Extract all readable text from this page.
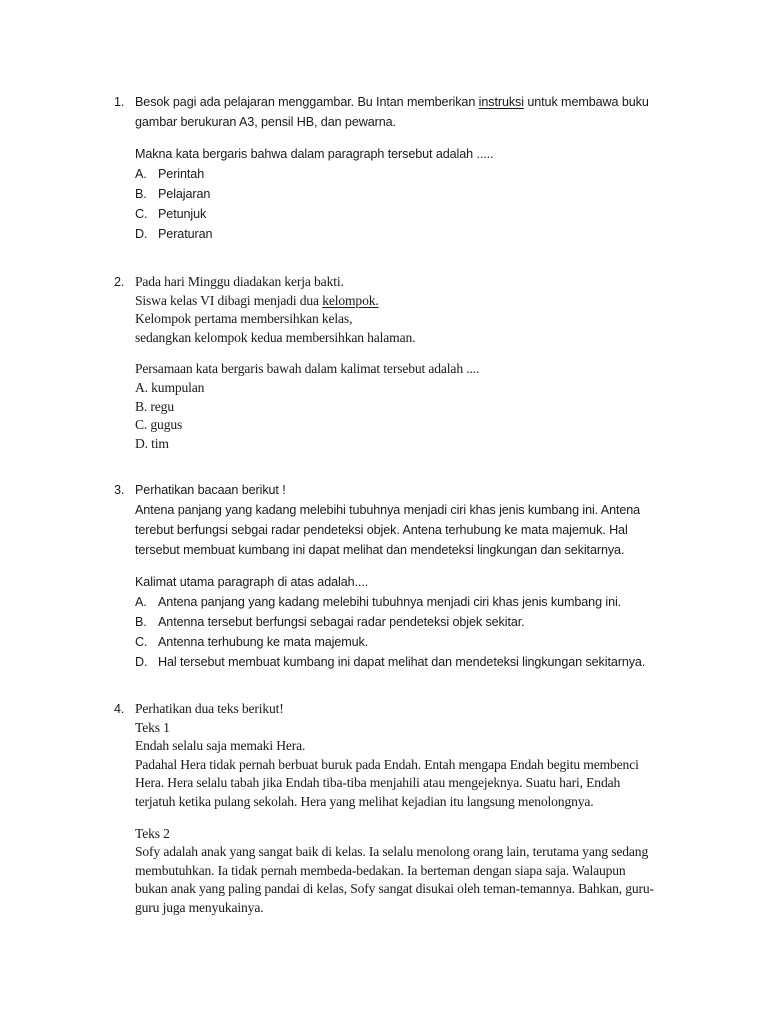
1. Besok pagi ada pelajaran menggambar. Bu Intan memberikan instruksi untuk membawa buku
gambar berukuran A3, pensil HB, dan pewarna.
Makna kata bergaris bahwa dalam paragraph tersebut adalah .....
A. Perintah
B. Pelajaran
C. Petunjuk
D. Peraturan
2. Pada hari Minggu diadakan kerja bakti.
Siswa kelas VI dibagi menjadi dua kelompok.
Kelompok pertama membersihkan kelas,
sedangkan kelompok kedua membersihkan halaman.
Persamaan kata bergaris bawah dalam kalimat tersebut adalah ....
A. kumpulan
B. regu
C. gugus
D. tim
3. Perhatikan bacaan berikut !
Antena panjang yang kadang melebihi tubuhnya menjadi ciri khas jenis kumbang ini. Antena
terebut berfungsi sebgai radar pendeteksi objek. Antena terhubung ke mata majemuk. Hal
tersebut membuat kumbang ini dapat melihat dan mendeteksi lingkungan dan sekitarnya.
Kalimat utama paragraph di atas adalah....
A. Antena panjang yang kadang melebihi tubuhnya menjadi ciri khas jenis kumbang ini.
B. Antenna tersebut berfungsi sebagai radar pendeteksi objek sekitar.
C. Antenna terhubung ke mata majemuk.
D. Hal tersebut membuat kumbang ini dapat melihat dan mendeteksi lingkungan sekitarnya.
4. Perhatikan dua teks berikut!
Teks 1
Endah selalu saja memaki Hera.
Padahal Hera tidak pernah berbuat buruk pada Endah. Entah mengapa Endah begitu membenci
Hera. Hera selalu tabah jika Endah tiba-tiba menjahili atau mengejeknya. Suatu hari, Endah
terjatuh ketika pulang sekolah. Hera yang melihat kejadian itu langsung menolongnya.
Teks 2
Sofy adalah anak yang sangat baik di kelas. Ia selalu menolong orang lain, terutama yang sedang
membutuhkan. Ia tidak pernah membeda-bedakan. Ia berteman dengan siapa saja. Walaupun
bukan anak yang paling pandai di kelas, Sofy sangat disukai oleh teman-temannya. Bahkan, guru-
guru juga menyukainya.
